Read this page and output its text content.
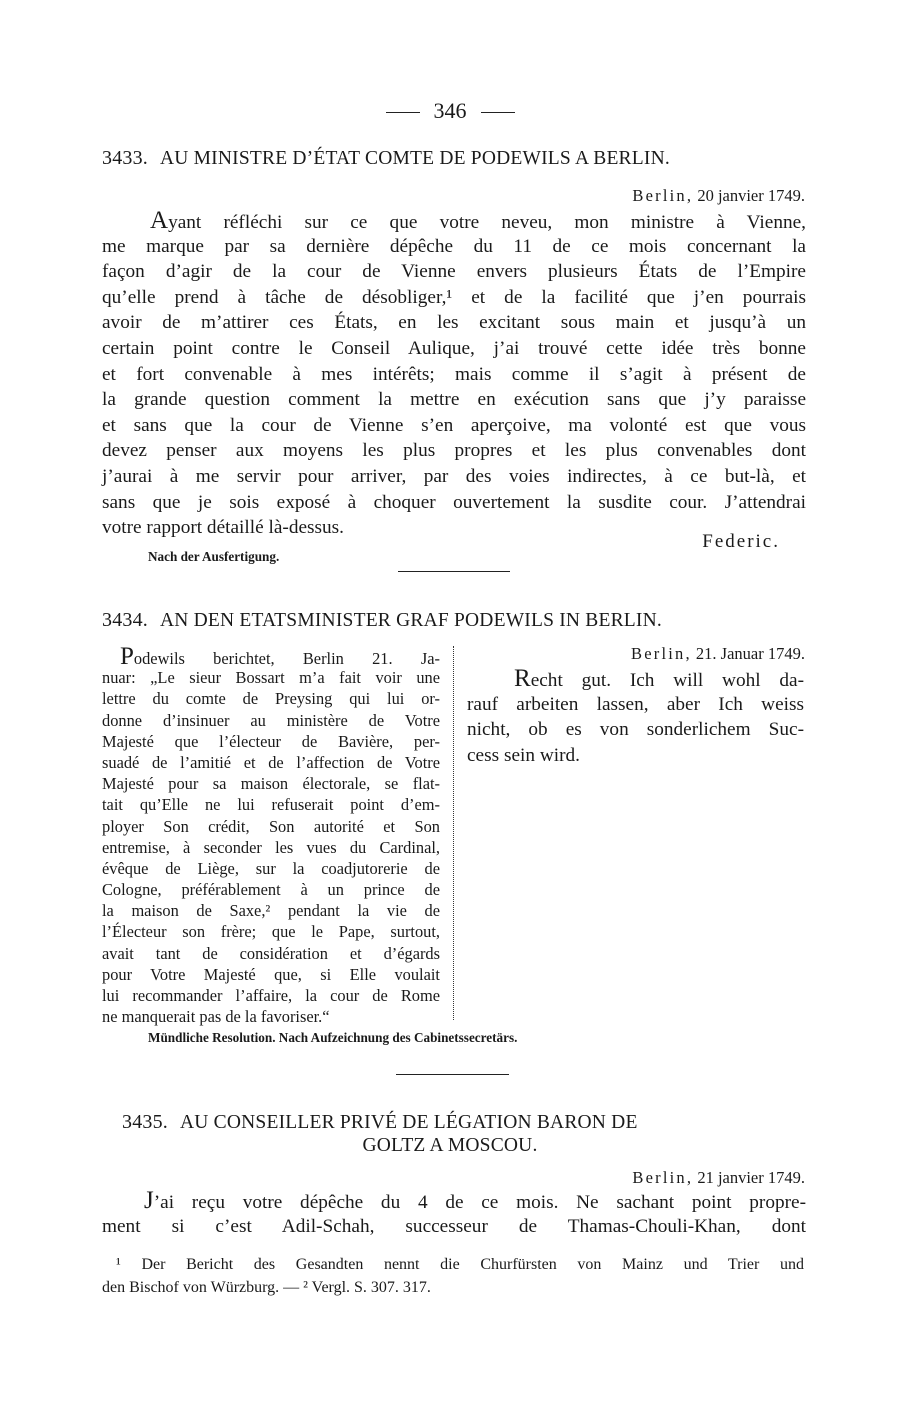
346
3433. AU MINISTRE D’ÉTAT COMTE DE PODEWILS A BERLIN.
Berlin, 20 janvier 1749.
Ayant réfléchi sur ce que votre neveu, mon ministre à Vienne,
me marque par sa dernière dépêche du 11 de ce mois concernant la
façon d’agir de la cour de Vienne envers plusieurs États de l’Empire
qu’elle prend à tâche de désobliger,¹ et de la facilité que j’en pourrais
avoir de m’attirer ces États, en les excitant sous main et jusqu’à un
certain point contre le Conseil Aulique, j’ai trouvé cette idée très bonne
et fort convenable à mes intérêts; mais comme il s’agit à présent de
la grande question comment la mettre en exécution sans que j’y paraisse
et sans que la cour de Vienne s’en aperçoive, ma volonté est que vous
devez penser aux moyens les plus propres et les plus convenables dont
j’aurai à me servir pour arriver, par des voies indirectes, à ce but-là, et
sans que je sois exposé à choquer ouvertement la susdite cour. J’attendrai
votre rapport détaillé là-dessus.
Federic.
Nach der Ausfertigung.
3434. AN DEN ETATSMINISTER GRAF PODEWILS IN BERLIN.
Podewils berichtet, Berlin 21. Ja-
nuar: „Le sieur Bossart m’a fait voir une
lettre du comte de Preysing qui lui or-
donne d’insinuer au ministère de Votre
Majesté que l’électeur de Bavière, per-
suadé de l’amitié et de l’affection de Votre
Majesté pour sa maison électorale, se flat-
tait qu’Elle ne lui refuserait point d’em-
ployer Son crédit, Son autorité et Son
entremise, à seconder les vues du Cardinal,
évêque de Liège, sur la coadjutorerie de
Cologne, préférablement à un prince de
la maison de Saxe,² pendant la vie de
l’Électeur son frère; que le Pape, surtout,
avait tant de considération et d’égards
pour Votre Majesté que, si Elle voulait
lui recommander l’affaire, la cour de Rome
ne manquerait pas de la favoriser.“
Berlin, 21. Januar 1749.
Recht gut. Ich will wohl da-
rauf arbeiten lassen, aber Ich weiss
nicht, ob es von sonderlichem Suc-
cess sein wird.
Mündliche Resolution. Nach Aufzeichnung des Cabinetssecretärs.
3435. AU CONSEILLER PRIVÉ DE LÉGATION BARON DE
GOLTZ A MOSCOU.
Berlin, 21 janvier 1749.
J’ai reçu votre dépêche du 4 de ce mois. Ne sachant point propre-
ment si c’est Adil-Schah, successeur de Thamas-Chouli-Khan, dont
¹ Der Bericht des Gesandten nennt die Churfürsten von Mainz und Trier und
den Bischof von Würzburg. — ² Vergl. S. 307. 317.
